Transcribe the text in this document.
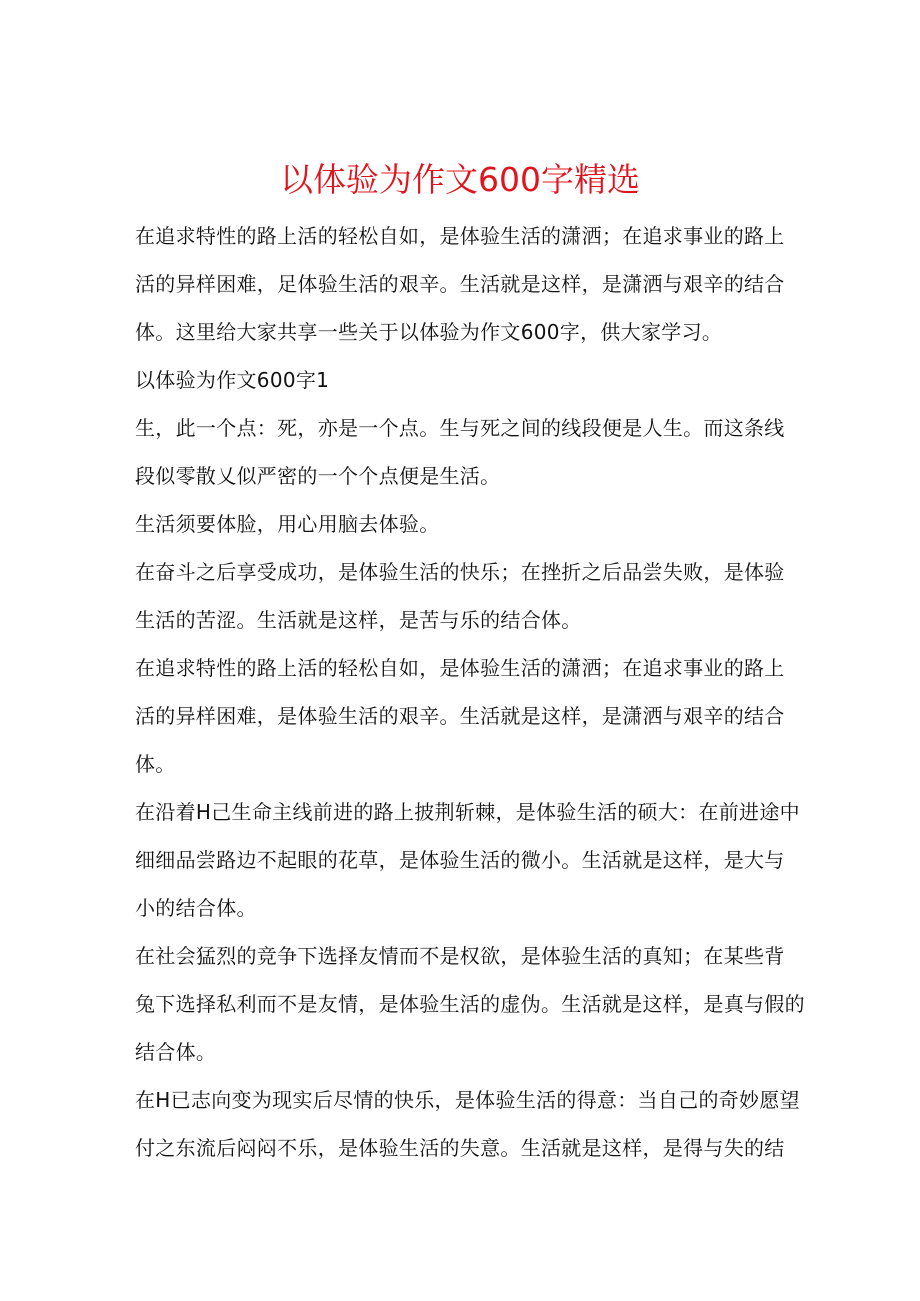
以体验为作文600字精选
在追求特性的路上活的轻松自如，是体验生活的潇洒；在追求事业的路上
活的异样困难，足体验生活的艰辛。生活就是这样，是潇洒与艰辛的结合
体。这里给大家共享一些关于以体验为作文600字，供大家学习。
以体验为作文600字1
生，此一个点：死，亦是一个点。生与死之间的线段便是人生。而这条线
段似零散乂似严密的一个个点便是生活。
生活须要体脸，用心用脑去体验。
在奋斗之后享受成功，是体验生活的快乐；在挫折之后品尝失败，是体验
生活的苦涩。生活就是这样，是苦与乐的结合体。
在追求特性的路上活的轻松自如，是体验生活的潇洒；在追求事业的路上
活的异样困难，是体验生活的艰辛。生活就是这样，是潇洒与艰辛的结合
体。
在沿着H己生命主线前进的路上披荆斩棘，是体验生活的硕大：在前进途中
细细品尝路边不起眼的花草，是体验生活的微小。生活就是这样，是大与
小的结合体。
在社会猛烈的竞争下选择友情而不是权欲，是体验生活的真知；在某些背
兔下选择私利而不是友情，是体验生活的虚伪。生活就是这样，是真与假的
结合体。
在H已志向变为现实后尽情的快乐，是体验生活的得意：当自己的奇妙愿望
付之东流后闷闷不乐，是体验生活的失意。生活就是这样，是得与失的结
